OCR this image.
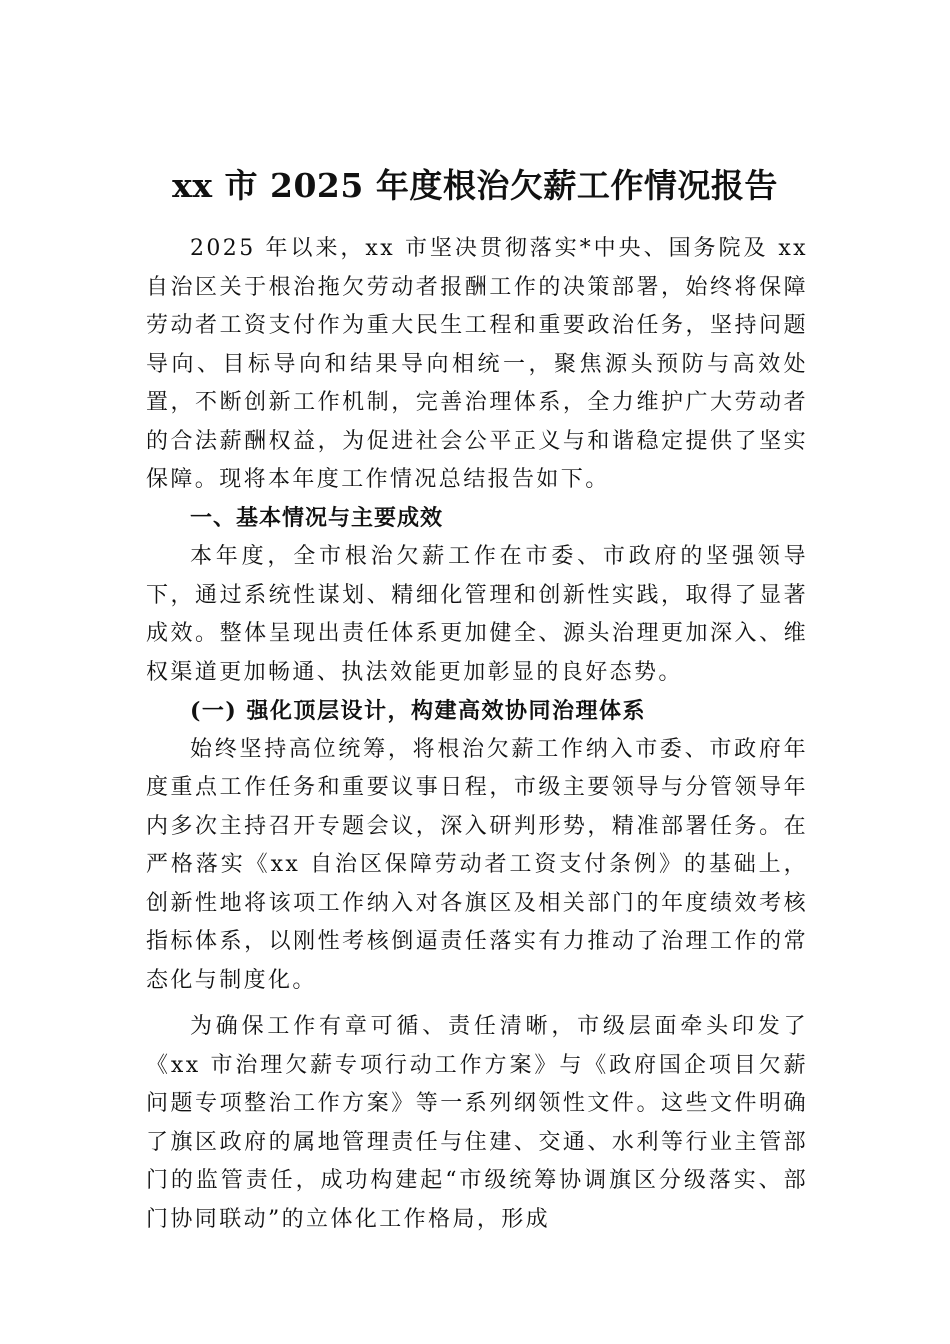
xx 市 2025 年度根治欠薪工作情况报告

2025 年以来，xx 市坚决贯彻落实*中央、国务院及 xx 自治区关于根治拖欠劳动者报酬工作的决策部署，始终将保障劳动者工资支付作为重大民生工程和重要政治任务，坚持问题导向、目标导向和结果导向相统一，聚焦源头预防与高效处置，不断创新工作机制，完善治理体系，全力维护广大劳动者的合法薪酬权益，为促进社会公平正义与和谐稳定提供了坚实保障。现将本年度工作情况总结报告如下。

一、基本情况与主要成效

本年度，全市根治欠薪工作在市委、市政府的坚强领导下，通过系统性谋划、精细化管理和创新性实践，取得了显著成效。整体呈现出责任体系更加健全、源头治理更加深入、维权渠道更加畅通、执法效能更加彰显的良好态势。

(一) 强化顶层设计，构建高效协同治理体系

始终坚持高位统筹，将根治欠薪工作纳入市委、市政府年度重点工作任务和重要议事日程，市级主要领导与分管领导年内多次主持召开专题会议，深入研判形势，精准部署任务。在严格落实《xx 自治区保障劳动者工资支付条例》的基础上，创新性地将该项工作纳入对各旗区及相关部门的年度绩效考核指标体系，以刚性考核倒逼责任落实有力推动了治理工作的常态化与制度化。

为确保工作有章可循、责任清晰，市级层面牵头印发了《xx 市治理欠薪专项行动工作方案》与《政府国企项目欠薪问题专项整治工作方案》等一系列纲领性文件。这些文件明确了旗区政府的属地管理责任与住建、交通、水利等行业主管部门的监管责任，成功构建起“市级统筹协调旗区分级落实、部门协同联动”的立体化工作格局，形成
